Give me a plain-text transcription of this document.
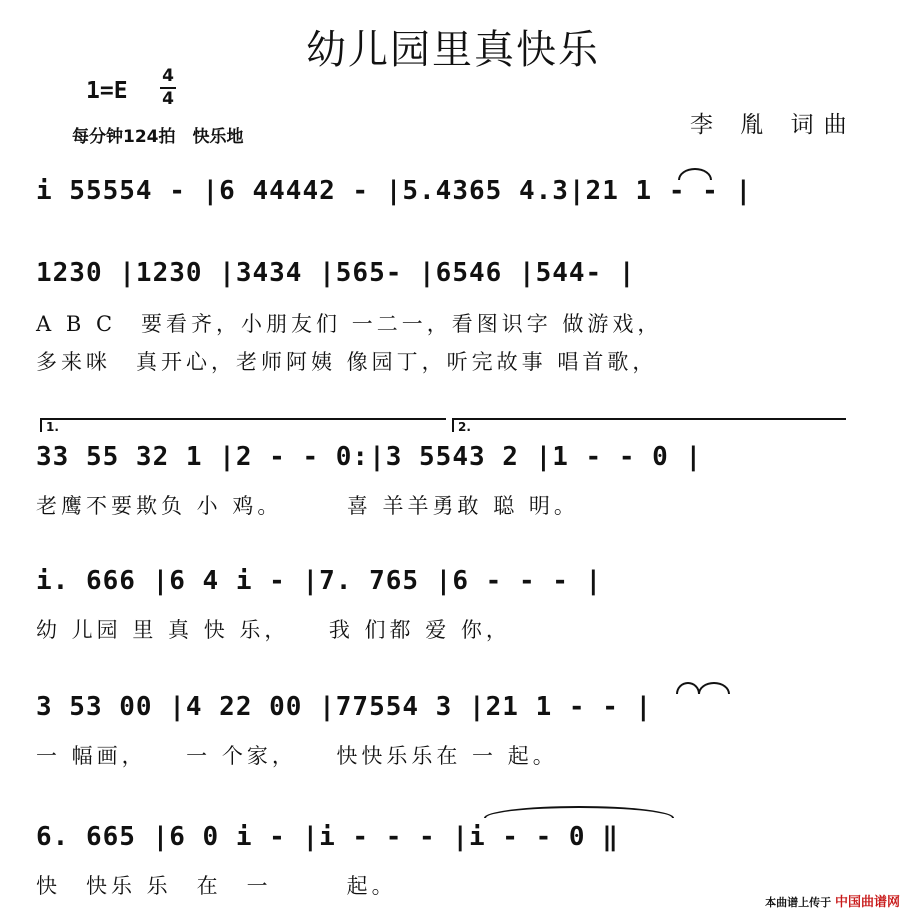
幼儿园里真快乐
1=E
4
4
每分钟124拍　快乐地	李 胤 词曲
i 55554 - |6 44442 - |5.4365 4.3|21 1 - - |
1230 |1230 |3434 |565- |6546 |544- |
A B C　要看齐，小朋友们 一二一，看图识字 做游戏，
多来咪　真开心，老师阿姨 像园丁，听完故事 唱首歌，
1.	2.
33 55 32 1 |2 - - 0:|3 5543 2 |1 - - 0 |
老鹰不要欺负 小 鸡。　　　喜 羊羊勇敢 聪 明。
i. 666 |6 4 i - |7. 765 |6 - - - |
幼 儿园 里 真 快 乐，　　我 们都 爱 你，
3 53 00 |4 22 00 |77554 3 |21 1 - - |
一 幅画，　　一 个家，　　快快乐乐在 一 起。
6. 665 |6 0 i - |i - - - |i - - 0 ‖
快　快乐 乐　在　一　　　起。
本曲谱上传于 中国曲谱网
